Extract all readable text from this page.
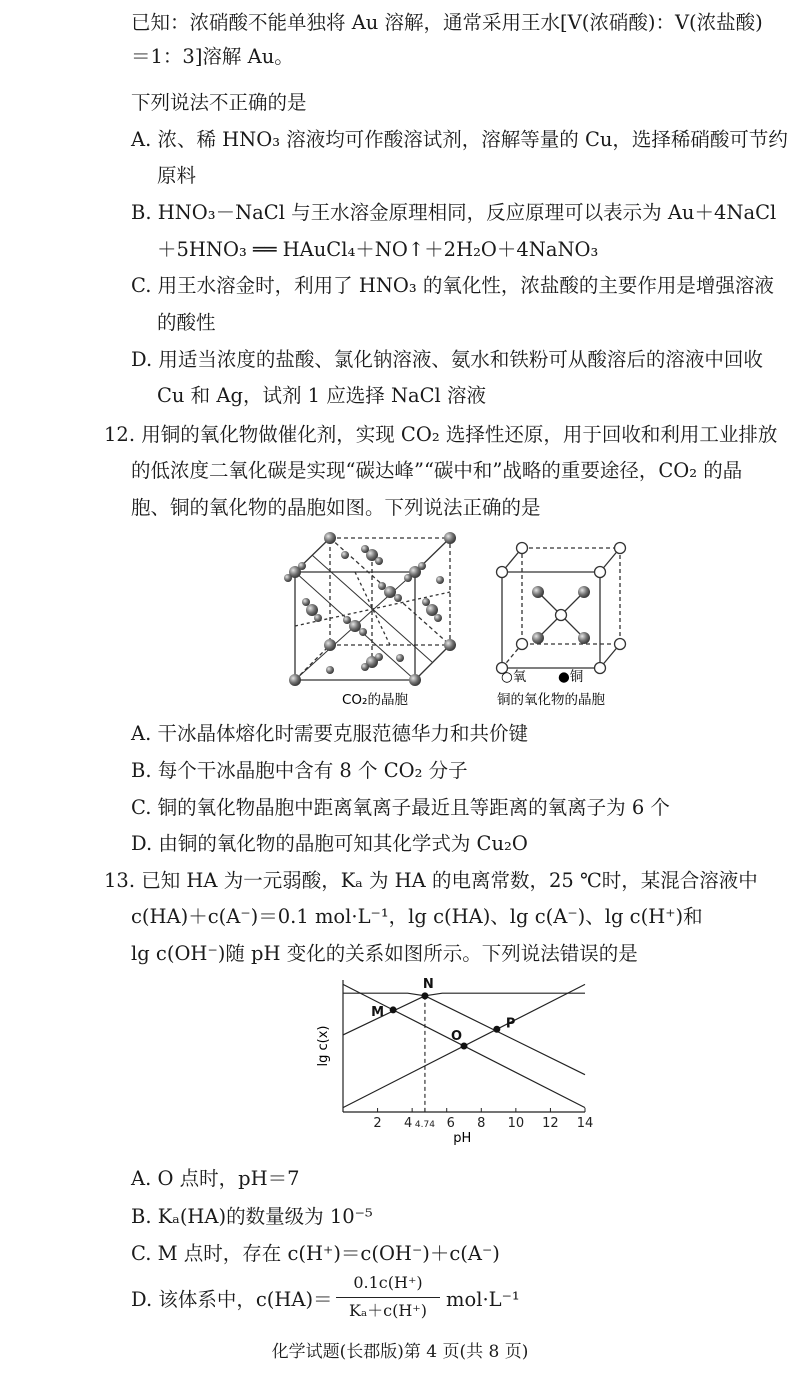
已知：浓硝酸不能单独将 Au 溶解，通常采用王水[V(浓硝酸)：V(浓盐酸)
＝1：3]溶解 Au。
下列说法不正确的是
A. 浓、稀 HNO₃ 溶液均可作酸溶试剂，溶解等量的 Cu，选择稀硝酸可节约
原料
B. HNO₃－NaCl 与王水溶金原理相同，反应原理可以表示为 Au＋4NaCl
＋5HNO₃ ══ HAuCl₄＋NO↑＋2H₂O＋4NaNO₃
C. 用王水溶金时，利用了 HNO₃ 的氧化性，浓盐酸的主要作用是增强溶液
的酸性
D. 用适当浓度的盐酸、氯化钠溶液、氨水和铁粉可从酸溶后的溶液中回收
Cu 和 Ag，试剂 1 应选择 NaCl 溶液
12. 用铜的氧化物做催化剂，实现 CO₂ 选择性还原，用于回收和利用工业排放
的低浓度二氧化碳是实现“碳达峰”“碳中和”战略的重要途径，CO₂ 的晶
胞、铜的氧化物的晶胞如图。下列说法正确的是
○氧 ●铜
CO₂的晶胞	铜的氧化物的晶胞
A. 干冰晶体熔化时需要克服范德华力和共价键
B. 每个干冰晶胞中含有 8 个 CO₂ 分子
C. 铜的氧化物晶胞中距离氧离子最近且等距离的氧离子为 6 个
D. 由铜的氧化物的晶胞可知其化学式为 Cu₂O
13. 已知 HA 为一元弱酸，Kₐ 为 HA 的电离常数，25 ℃时，某混合溶液中
c(HA)＋c(A⁻)＝0.1 mol·L⁻¹，lg c(HA)、lg c(A⁻)、lg c(H⁺)和
lg c(OH⁻)随 pH 变化的关系如图所示。下列说法错误的是
2 4 4.74 6 8 10 12 14
M
N
O
P
lg c(x)
pH
A. O 点时，pH＝7
B. Kₐ(HA)的数量级为 10⁻⁵
C. M 点时，存在 c(H⁺)＝c(OH⁻)＋c(A⁻)
D. 该体系中，c(HA)＝
0.1c(H⁺)
Kₐ＋c(H⁺) mol·L⁻¹
化学试题(长郡版)第 4 页(共 8 页)
